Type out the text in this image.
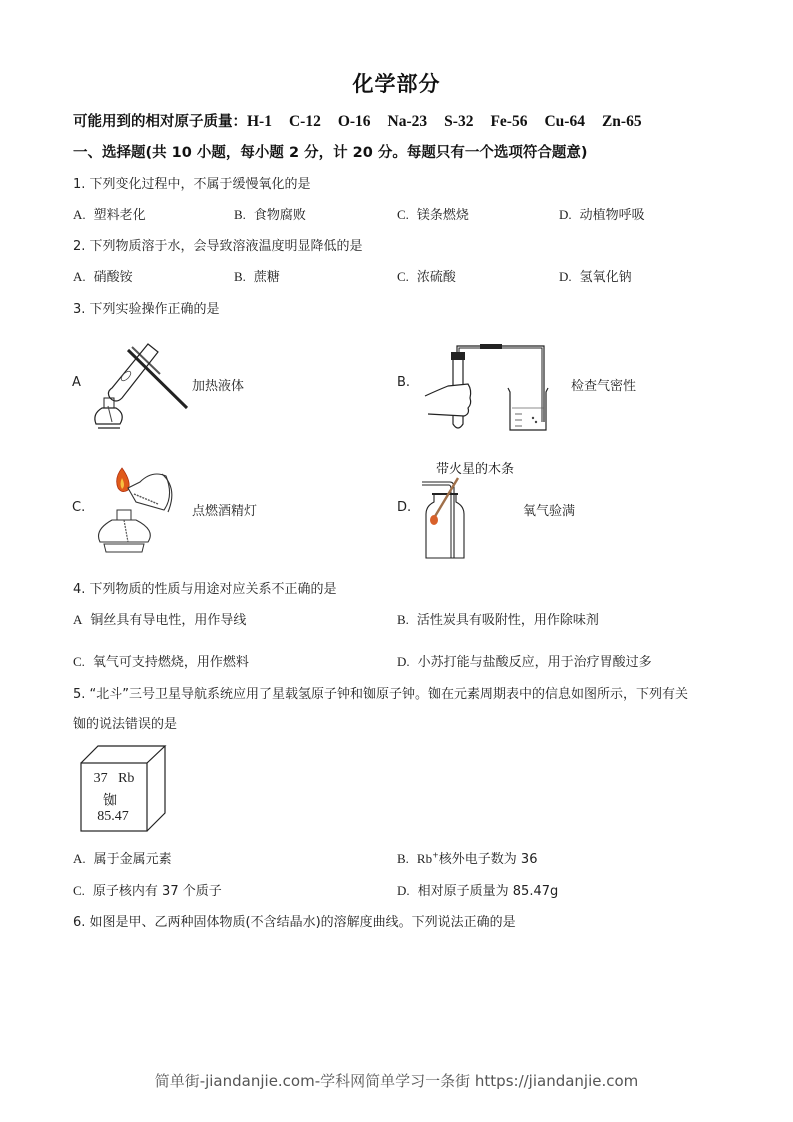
化学部分
可能用到的相对原子质量：H-1 C-12 O-16 Na-23 S-32 Fe-56 Cu-64 Zn-65
一、选择题(共 10 小题，每小题 2 分，计 20 分。每题只有一个选项符合题意)
1. 下列变化过程中，不属于缓慢氧化的是
A. 塑料老化	B. 食物腐败	C. 镁条燃烧	D. 动植物呼吸
2. 下列物质溶于水，会导致溶液温度明显降低的是
A. 硝酸铵	B. 蔗糖	C. 浓硫酸	D. 氢氧化钠
3. 下列实验操作正确的是
A	加热液体	B.	检查气密性
C.	点燃酒精灯	D.
带火星的木条
氧气验满
4. 下列物质的性质与用途对应关系不正确的是
A 铜丝具有导电性，用作导线	B. 活性炭具有吸附性，用作除味剂
C. 氧气可支持燃烧，用作燃料	D. 小苏打能与盐酸反应，用于治疗胃酸过多
5. “北斗”三号卫星导航系统应用了星载氢原子钟和铷原子钟。铷在元素周期表中的信息如图所示，下列有关
铷的说法错误的是
37 Rb
铷
85.47
A. 属于金属元素	B. Rb+核外电子数为 36
C. 原子核内有 37 个质子	D. 相对原子质量为 85.47g
6. 如图是甲、乙两种固体物质(不含结晶水)的溶解度曲线。下列说法正确的是
简单街-jiandanjie.com-学科网简单学习一条街 https://jiandanjie.com
